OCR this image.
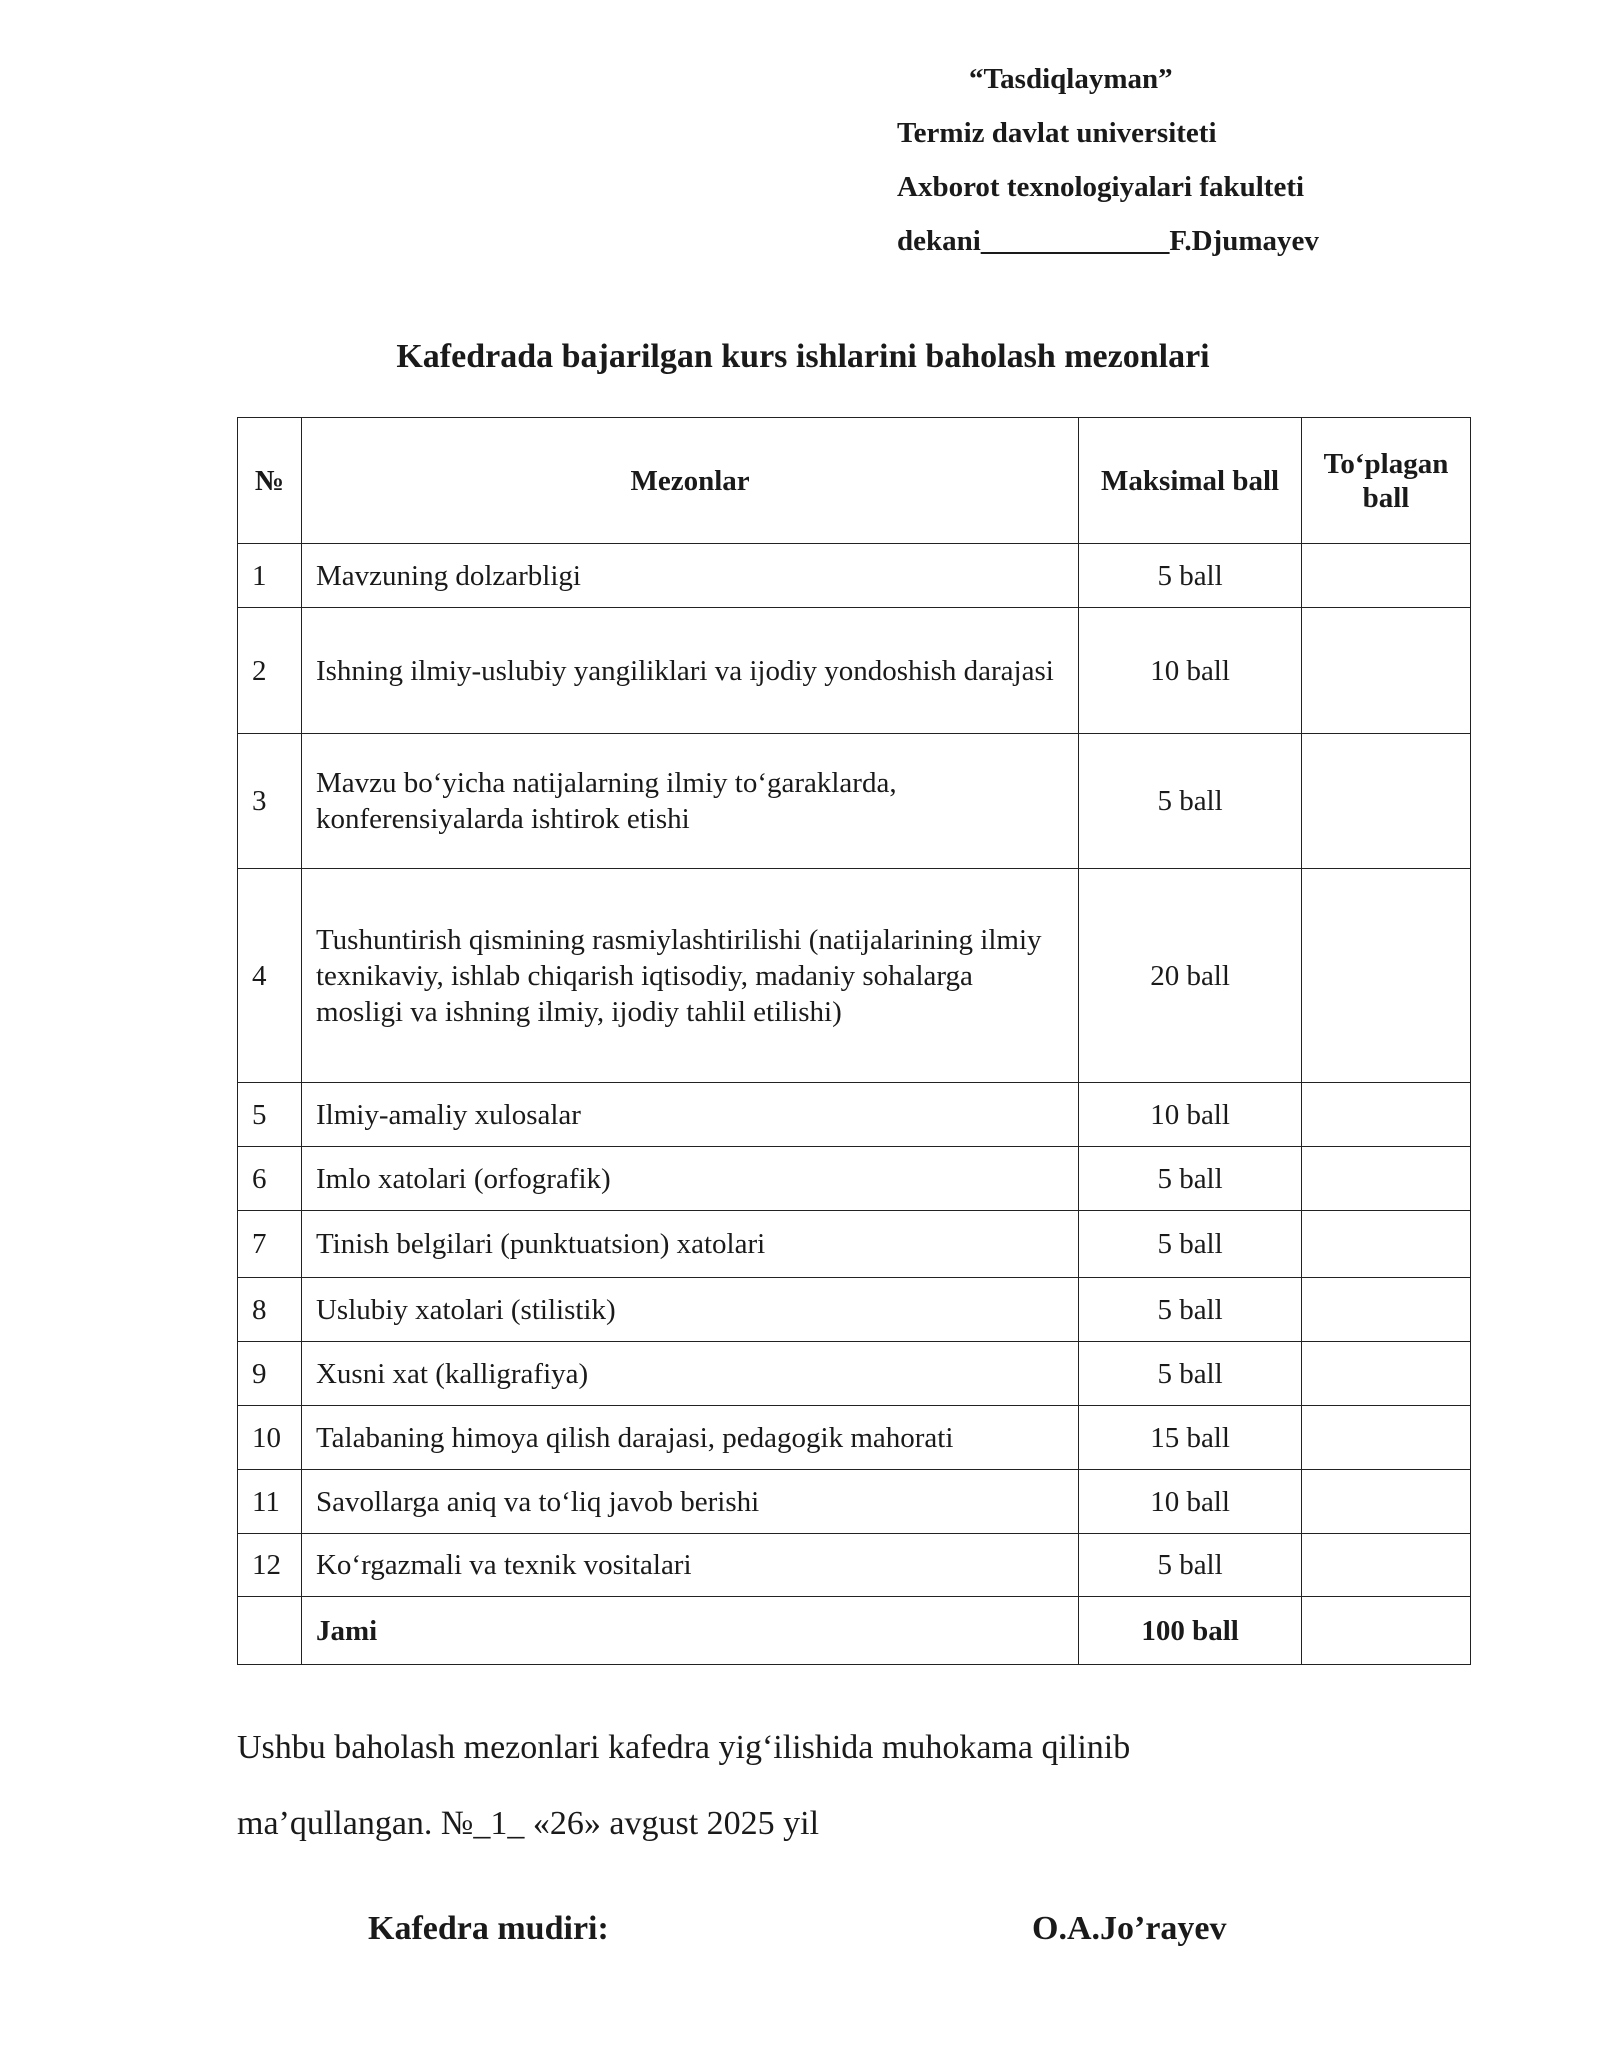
“Tasdiqlayman”
Termiz davlat universiteti
Axborot texnologiyalari fakulteti
dekani_____________F.Djumayev
Kafedrada bajarilgan kurs ishlarini baholash mezonlari
№	Mezonlar	Maksimal ball	To‘plagan ball
1	Mavzuning dolzarbligi	5 ball	
2	Ishning ilmiy-uslubiy yangiliklari va ijodiy yondoshish darajasi	10 ball	
3	Mavzu bo‘yicha natijalarning ilmiy to‘garaklarda, konferensiyalarda ishtirok etishi	5 ball	
4	Tushuntirish qismining rasmiylashtirilishi (natijalarining ilmiy texnikaviy, ishlab chiqarish iqtisodiy, madaniy sohalarga mosligi va ishning ilmiy, ijodiy tahlil etilishi)	20 ball	
5	Ilmiy-amaliy xulosalar	10 ball	
6	Imlo xatolari (orfografik)	5 ball	
7	Tinish belgilari (punktuatsion) xatolari	5 ball	
8	Uslubiy xatolari (stilistik)	5 ball	
9	Xusni xat (kalligrafiya)	5 ball	
10	Talabaning himoya qilish darajasi, pedagogik mahorati	15 ball	
11	Savollarga aniq va to‘liq javob berishi	10 ball	
12	Ko‘rgazmali va texnik vositalari	5 ball	
	Jami	100 ball	
Ushbu baholash mezonlari kafedra yig‘ilishida muhokama qilinib
ma’qullangan. №_1_ «26» avgust 2025 yil
Kafedra mudiri:	O.A.Jo’rayev
